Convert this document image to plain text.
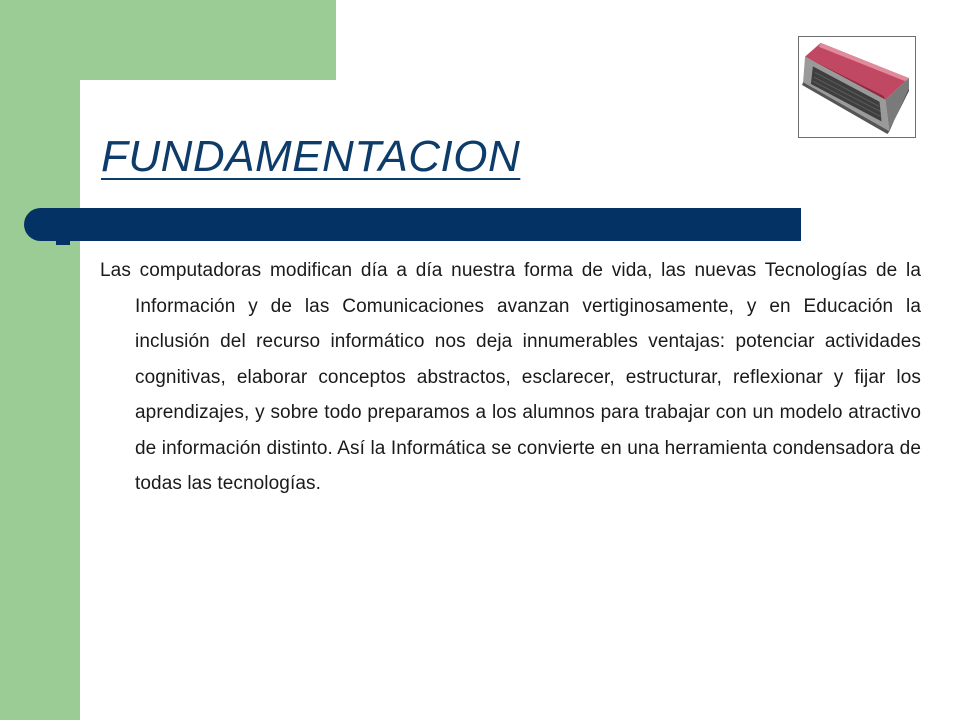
FUNDAMENTACION

Las computadoras modifican día a día nuestra forma de vida, las nuevas Tecnologías de la Información y de las Comunicaciones avanzan vertiginosamente, y en Educación la inclusión del recurso informático nos deja innumerables ventajas: potenciar actividades cognitivas, elaborar conceptos abstractos, esclarecer, estructurar, reflexionar y fijar los aprendizajes, y sobre todo preparamos a los alumnos para trabajar con un modelo atractivo de información distinto. Así la Informática se convierte en una herramienta condensadora de todas las tecnologías.
